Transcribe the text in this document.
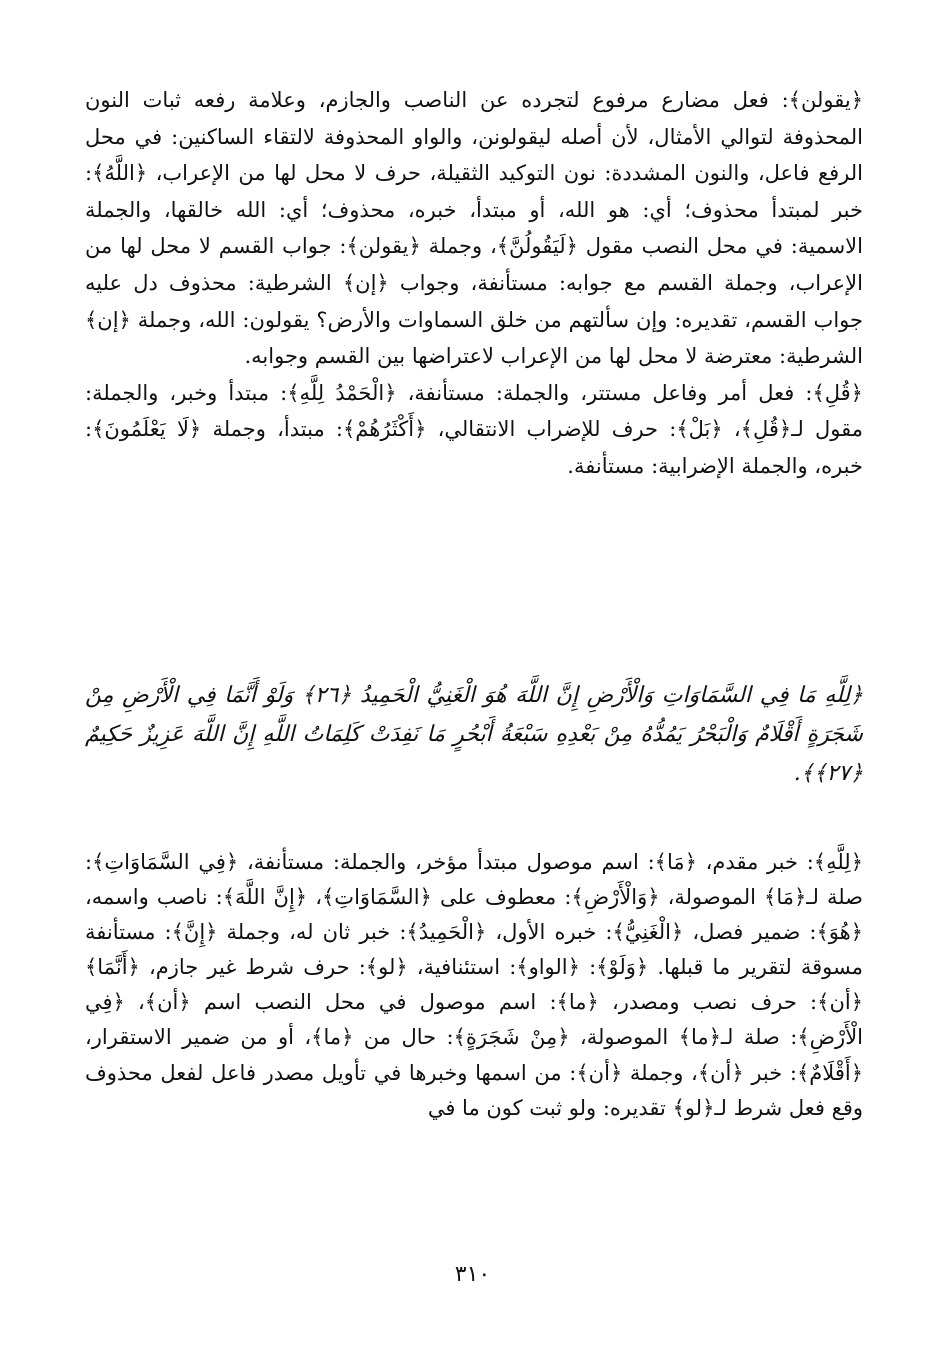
﴿يقولن﴾: فعل مضارع مرفوع لتجرده عن الناصب والجازم، وعلامة رفعه ثبات النون المحذوفة لتوالي الأمثال، لأن أصله ليقولونن، والواو المحذوفة لالتقاء الساكنين: في محل الرفع فاعل، والنون المشددة: نون التوكيد الثقيلة، حرف لا محل لها من الإعراب، ﴿اللَّهُ﴾: خبر لمبتدأ محذوف؛ أي: هو الله، أو مبتدأ، خبره، محذوف؛ أي: الله خالقها، والجملة الاسمية: في محل النصب مقول ﴿لَيَقُولُنَّ﴾، وجملة ﴿يقولن﴾: جواب القسم لا محل لها من الإعراب، وجملة القسم مع جوابه: مستأنفة، وجواب ﴿إن﴾ الشرطية: محذوف دل عليه جواب القسم، تقديره: وإن سألتهم من خلق السماوات والأرض؟ يقولون: الله، وجملة ﴿إن﴾ الشرطية: معترضة لا محل لها من الإعراب لاعتراضها بين القسم وجوابه.

﴿قُلِ﴾: فعل أمر وفاعل مستتر، والجملة: مستأنفة، ﴿الْحَمْدُ لِلَّهِ﴾: مبتدأ وخبر، والجملة: مقول لـ﴿قُلِ﴾، ﴿بَلْ﴾: حرف للإضراب الانتقالي، ﴿أَكْثَرُهُمْ﴾: مبتدأ، وجملة ﴿لَا يَعْلَمُونَ﴾: خبره، والجملة الإضرابية: مستأنفة.

﴿لِلَّهِ مَا فِي السَّمَاوَاتِ وَالْأَرْضِ إِنَّ اللَّهَ هُوَ الْغَنِيُّ الْحَمِيدُ ﴿٢٦﴾ وَلَوْ أَنَّمَا فِي الْأَرْضِ مِنْ شَجَرَةٍ أَقْلَامٌ وَالْبَحْرُ يَمُدُّهُ مِنْ بَعْدِهِ سَبْعَةُ أَبْحُرٍ مَا نَفِدَتْ كَلِمَاتُ اللَّهِ إِنَّ اللَّهَ عَزِيزٌ حَكِيمٌ ﴿٢٧﴾﴾.
﴿لِلَّهِ﴾: خبر مقدم، ﴿مَا﴾: اسم موصول مبتدأ مؤخر، والجملة: مستأنفة، ﴿فِي السَّمَاوَاتِ﴾: صلة لـ﴿مَا﴾ الموصولة، ﴿وَالْأَرْضِ﴾: معطوف على ﴿السَّمَاوَاتِ﴾، ﴿إِنَّ اللَّهَ﴾: ناصب واسمه، ﴿هُوَ﴾: ضمير فصل، ﴿الْغَنِيُّ﴾: خبره الأول، ﴿الْحَمِيدُ﴾: خبر ثان له، وجملة ﴿إِنَّ﴾: مستأنفة مسوقة لتقرير ما قبلها. ﴿وَلَوْ﴾: ﴿الواو﴾: استئنافية، ﴿لو﴾: حرف شرط غير جازم، ﴿أَنَّمَا﴾ ﴿أن﴾: حرف نصب ومصدر، ﴿ما﴾: اسم موصول في محل النصب اسم ﴿أن﴾، ﴿فِي الْأَرْضِ﴾: صلة لـ﴿ما﴾ الموصولة، ﴿مِنْ شَجَرَةٍ﴾: حال من ﴿ما﴾، أو من ضمير الاستقرار، ﴿أَقْلَامٌ﴾: خبر ﴿أن﴾، وجملة ﴿أن﴾: من اسمها وخبرها في تأويل مصدر فاعل لفعل محذوف وقع فعل شرط لـ﴿لو﴾ تقديره: ولو ثبت كون ما في
٣١٠
